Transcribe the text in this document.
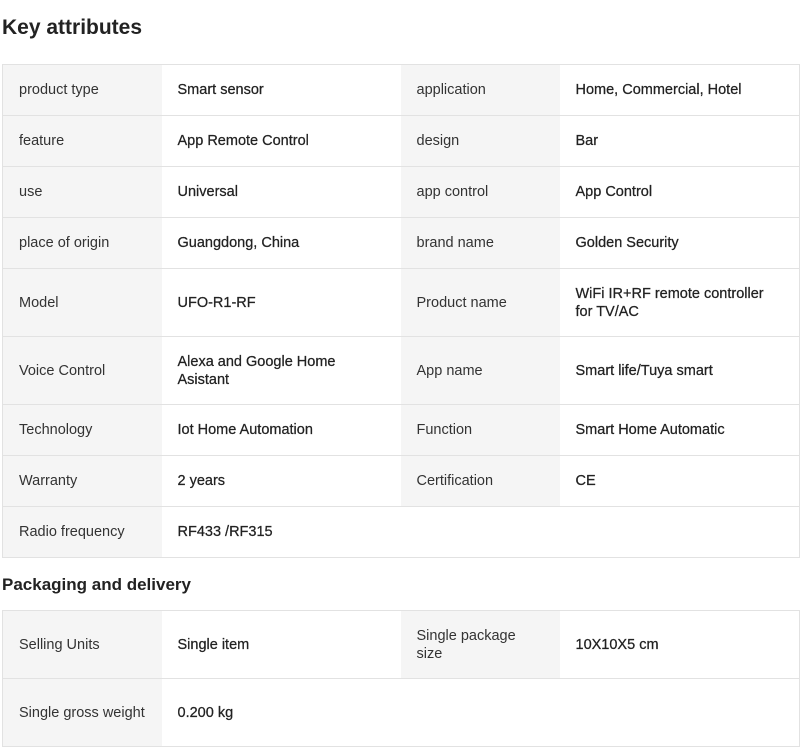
Key attributes
product type	Smart sensor	application	Home, Commercial, Hotel
feature	App Remote Control	design	Bar
use	Universal	app control	App Control
place of origin	Guangdong, China	brand name	Golden Security
Model	UFO-R1-RF	Product name	WiFi IR+RF remote controller for TV/AC
Voice Control	Alexa and Google Home Asistant	App name	Smart life/Tuya smart
Technology	Iot Home Automation	Function	Smart Home Automatic
Warranty	2 years	Certification	CE
Radio frequency	RF433 /RF315		
Packaging and delivery
Selling Units	Single item	Single package size	10X10X5 cm
Single gross weight	0.200 kg		
